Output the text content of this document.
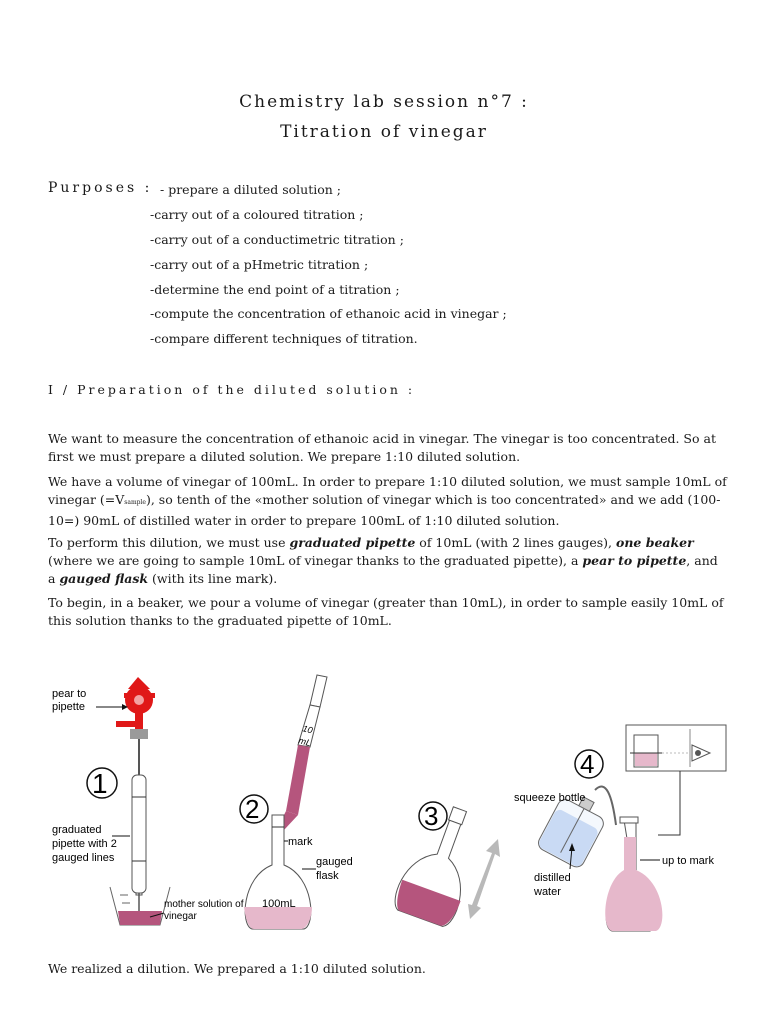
Chemistry lab session n°7 :
Titration of vinegar
Purposes : - prepare a diluted solution ;
-carry out of a coloured titration ;
-carry out of a conductimetric titration ;
-carry out of a pHmetric titration ;
-determine the end point of a titration ;
-compute the concentration of ethanoic acid in vinegar ;
-compare different techniques of titration.
I / Preparation of the diluted solution :
We want to measure the concentration of ethanoic acid in vinegar. The vinegar is too concentrated. So at first we must prepare a diluted solution. We prepare 1:10 diluted solution.
We have a volume of vinegar of 100mL. In order to prepare 1:10 diluted solution, we must sample 10mL of vinegar (=Vsample), so tenth of the «mother solution of vinegar which is too concentrated» and we add (100-10=) 90mL of distilled water in order to prepare 100mL of 1:10 diluted solution.
To perform this dilution, we must use graduated pipette of 10mL (with 2 lines gauges), one beaker (where we are going to sample 10mL of vinegar thanks to the graduated pipette), a pear to pipette, and a gauged flask (with its line mark).
To begin, in a beaker, we pour a volume of vinegar (greater than 10mL), in order to sample easily 10mL of this solution thanks to the graduated pipette of 10mL.
1
pear to
pipette
graduated
pipette with 2
gauged lines
mother solution of
vinegar
10
mL
2
mark
gauged
flask
100mL
3
4
squeeze bottle
distilled
water
up to mark
We realized a dilution. We prepared a 1:10 diluted solution.
